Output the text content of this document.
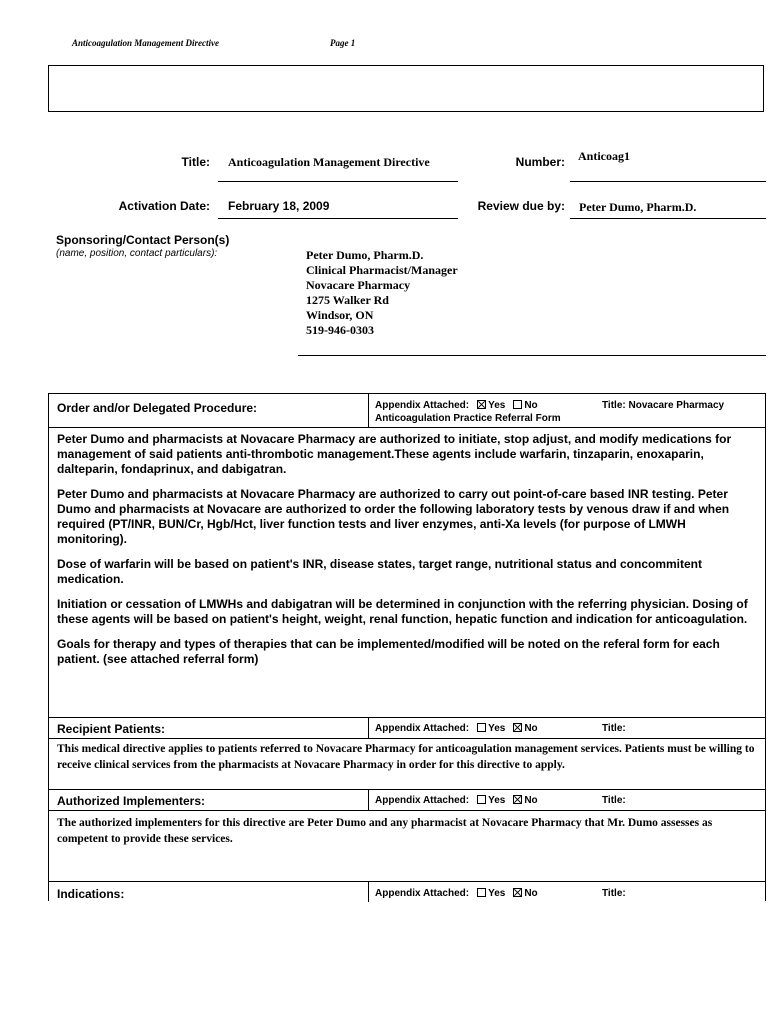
Anticoagulation Management Directive	Page 1
Title: Anticoagulation Management Directive	Number: Anticoag1
Activation Date: February 18, 2009	Review due by: Peter Dumo, Pharm.D.
Sponsoring/Contact Person(s)
(name, position, contact particulars):	Peter Dumo, Pharm.D.
Clinical Pharmacist/Manager
Novacare Pharmacy
1275 Walker Rd
Windsor, ON
519-946-0303
Order and/or Delegated Procedure:	Appendix Attached: Yes No	Title: Novacare Pharmacy
Anticoagulation Practice Referral Form

Peter Dumo and pharmacists at Novacare Pharmacy are authorized to initiate, stop adjust, and modify medications for management of said patients anti-thrombotic management.These agents include warfarin, tinzaparin, enoxaparin, dalteparin, fondaprinux, and dabigatran.

Peter Dumo and pharmacists at Novacare Pharmacy are authorized to carry out point-of-care based INR testing. Peter Dumo and pharmacists at Novacare are authorized to order the following laboratory tests by venous draw if and when required (PT/INR, BUN/Cr, Hgb/Hct, liver function tests and liver enzymes, anti-Xa levels (for purpose of LMWH monitoring).

Dose of warfarin will be based on patient's INR, disease states, target range, nutritional status and concommitent medication.

Initiation or cessation of LMWHs and dabigatran will be determined in conjunction with the referring physician. Dosing of these agents will be based on patient's height, weight, renal function, hepatic function and indication for anticoagulation.

Goals for therapy and types of therapies that can be implemented/modified will be noted on the referal form for each patient. (see attached referral form)

Recipient Patients:	Appendix Attached: Yes No	Title:

This medical directive applies to patients referred to Novacare Pharmacy for anticoagulation management services. Patients must be willing to receive clinical services from the pharmacists at Novacare Pharmacy in order for this directive to apply.

Authorized Implementers:	Appendix Attached: Yes No	Title:

The authorized implementers for this directive are Peter Dumo and any pharmacist at Novacare Pharmacy that Mr. Dumo assesses as competent to provide these services.

Indications:	Appendix Attached: Yes No	Title:
